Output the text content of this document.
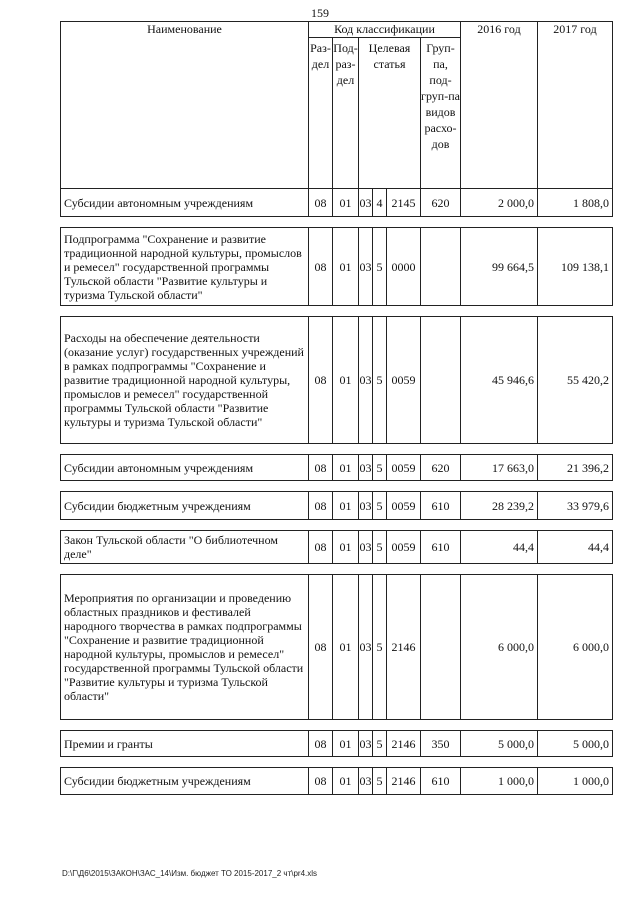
159
Наименование	Код классификации						2016 год	2017 год
	Раз-дел	Под-раз-дел	Целевая статья			Груп-па, под-груп-па видов расхо-дов		
Субсидии автономным учреждениям	08	01	03	4	2145	620	2 000,0	1 808,0

Подпрограмма "Сохранение и развитие традиционной народной культуры, промыслов и ремесел" государственной программы Тульской области "Развитие культуры и туризма Тульской области"	08	01	03	5	0000		99 664,5	109 138,1

Расходы на обеспечение деятельности (оказание услуг) государственных учреждений в рамках подпрограммы "Сохранение и развитие традиционной народной культуры, промыслов и ремесел" государственной программы Тульской области "Развитие культуры и туризма Тульской области"	08	01	03	5	0059		45 946,6	55 420,2

Субсидии автономным учреждениям	08	01	03	5	0059	620	17 663,0	21 396,2

Субсидии бюджетным учреждениям	08	01	03	5	0059	610	28 239,2	33 979,6

Закон Тульской области "О библиотечном деле"	08	01	03	5	0059	610	44,4	44,4

Мероприятия по организации и проведению областных праздников и фестивалей народного творчества в рамках подпрограммы "Сохранение и развитие традиционной народной культуры, промыслов и ремесел" государственной программы Тульской области "Развитие культуры и туризма Тульской области"	08	01	03	5	2146		6 000,0	6 000,0

Премии и гранты	08	01	03	5	2146	350	5 000,0	5 000,0

Субсидии бюджетным учреждениям	08	01	03	5	2146	610	1 000,0	1 000,0
D:\Г\Д6\2015\ЗАКОН\ЗАС_14\Изм. бюджет ТО 2015-2017_2 чт\pr4.xls
